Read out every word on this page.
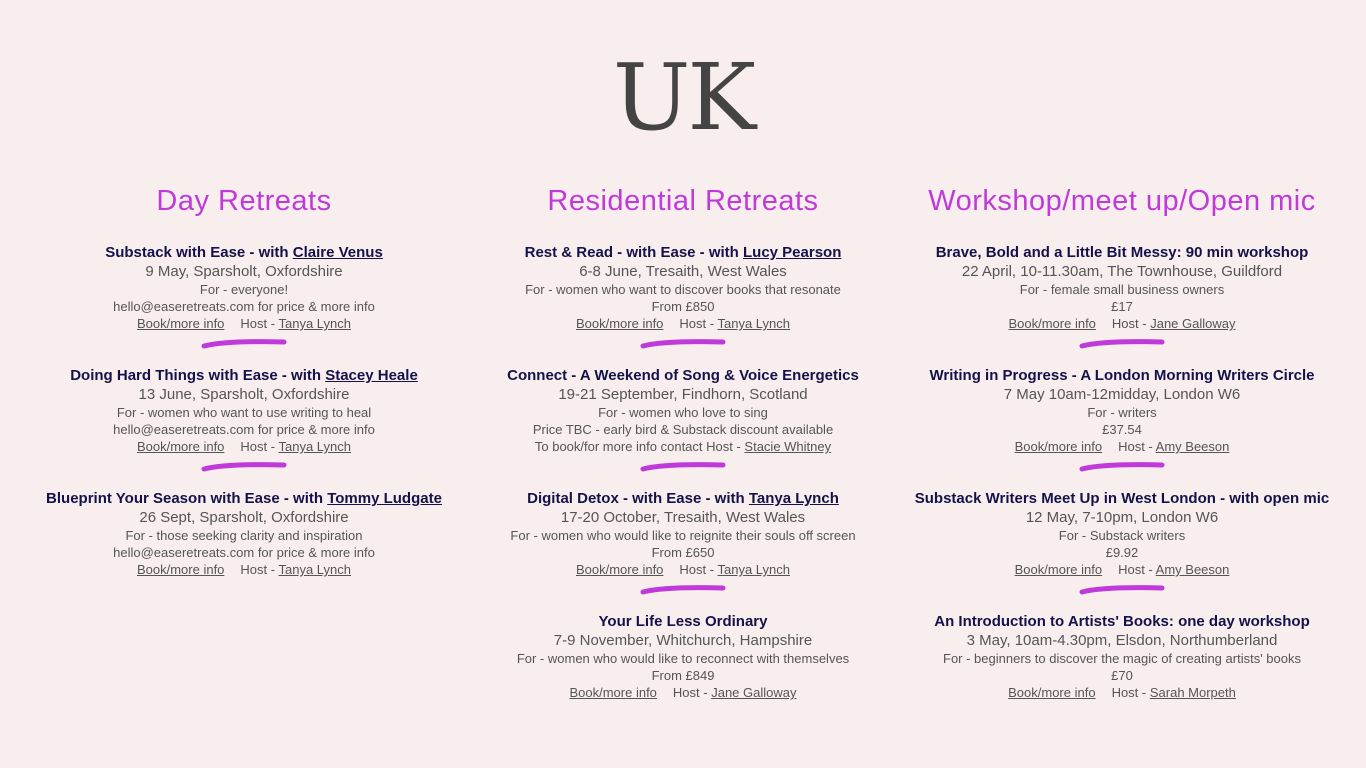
UK
Day Retreats
Substack with Ease - with Claire Venus
9 May, Sparsholt, Oxfordshire
For - everyone!
hello@easeretreats.com for price & more info
Book/more info Host - Tanya Lynch
Doing Hard Things with Ease - with Stacey Heale
13 June, Sparsholt, Oxfordshire
For - women who want to use writing to heal
hello@easeretreats.com for price & more info
Book/more info Host - Tanya Lynch
Blueprint Your Season with Ease - with Tommy Ludgate
26 Sept, Sparsholt, Oxfordshire
For - those seeking clarity and inspiration
hello@easeretreats.com for price & more info
Book/more info Host - Tanya Lynch
Residential Retreats
Rest & Read - with Ease - with Lucy Pearson
6-8 June, Tresaith, West Wales
For - women who want to discover books that resonate
From £850
Book/more info Host - Tanya Lynch
Connect - A Weekend of Song & Voice Energetics
19-21 September, Findhorn, Scotland
For - women who love to sing
Price TBC - early bird & Substack discount available
To book/for more info contact Host - Stacie Whitney
Digital Detox - with Ease - with Tanya Lynch
17-20 October, Tresaith, West Wales
For - women who would like to reignite their souls off screen
From £650
Book/more info Host - Tanya Lynch
Your Life Less Ordinary
7-9 November, Whitchurch, Hampshire
For - women who would like to reconnect with themselves
From £849
Book/more info Host - Jane Galloway
Workshop/meet up/Open mic
Brave, Bold and a Little Bit Messy: 90 min workshop
22 April, 10-11.30am, The Townhouse, Guildford
For - female small business owners
£17
Book/more info Host - Jane Galloway
Writing in Progress - A London Morning Writers Circle
7 May 10am-12midday, London W6
For - writers
£37.54
Book/more info Host - Amy Beeson
Substack Writers Meet Up in West London - with open mic
12 May, 7-10pm, London W6
For - Substack writers
£9.92
Book/more info Host - Amy Beeson
An Introduction to Artists' Books: one day workshop
3 May, 10am-4.30pm, Elsdon, Northumberland
For - beginners to discover the magic of creating artists' books
£70
Book/more info Host - Sarah Morpeth
